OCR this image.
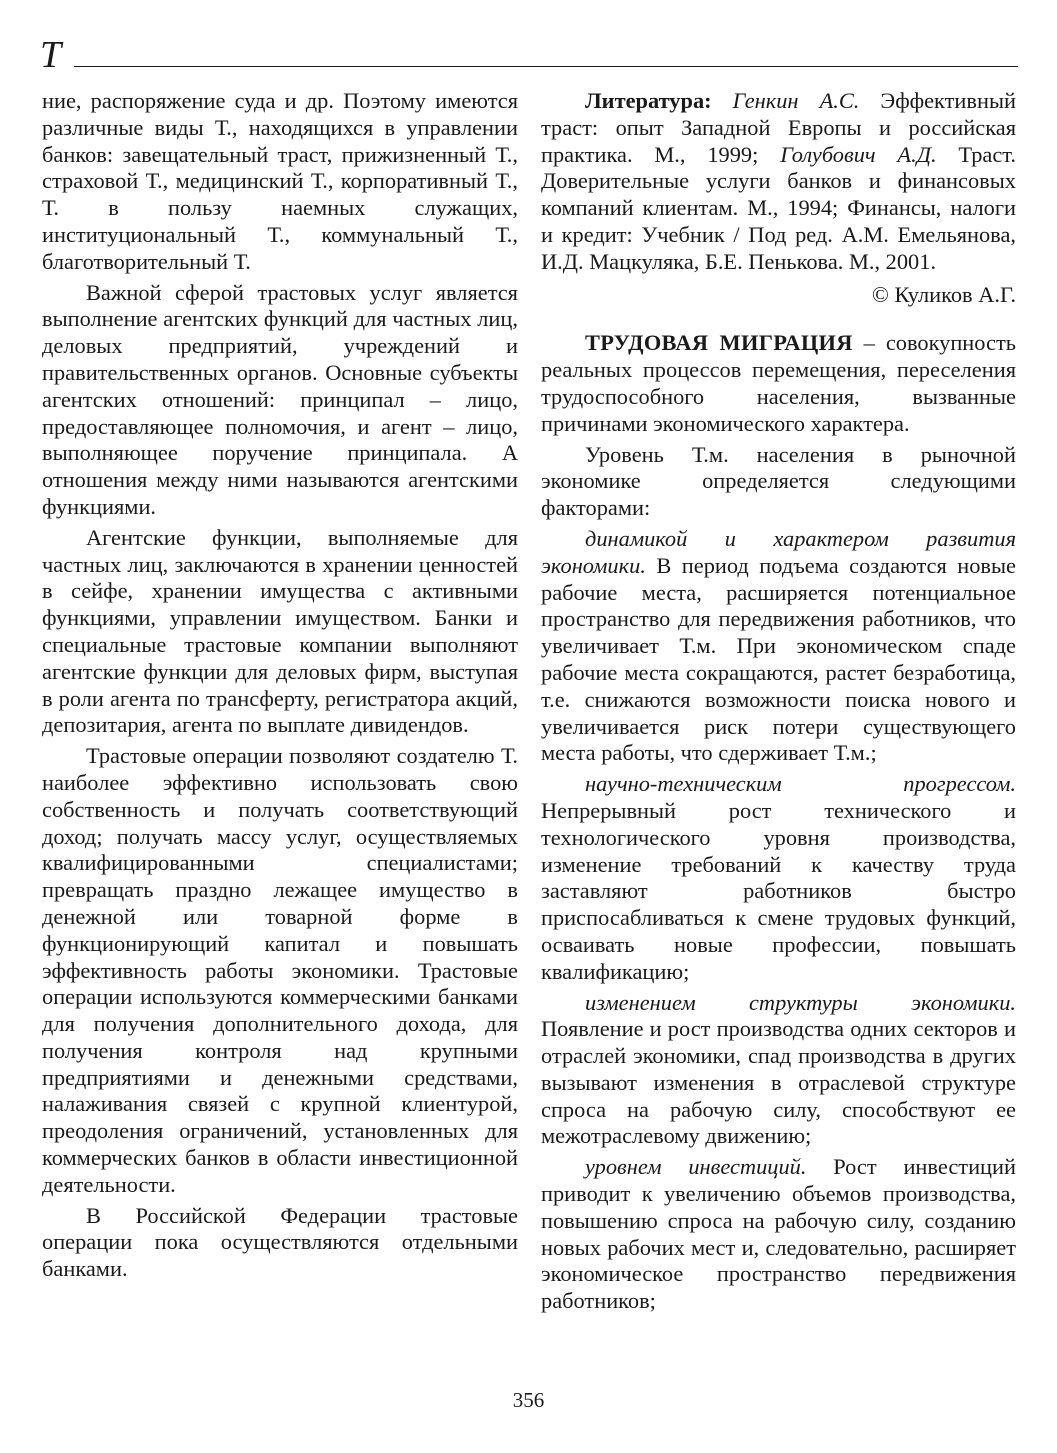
Т

ние, распоряжение суда и др. Поэтому имеются различные виды Т., находящихся в управлении банков: завещательный траст, прижизненный Т., страховой Т., медицинский Т., корпоративный Т., Т. в пользу наемных служащих, институциональный Т., коммунальный Т., благотворительный Т.

Важной сферой трастовых услуг является выполнение агентских функций для частных лиц, деловых предприятий, учреждений и правительственных органов. Основные субъекты агентских отношений: принципал – лицо, предоставляющее полномочия, и агент – лицо, выполняющее поручение принципала. А отношения между ними называются агентскими функциями.

Агентские функции, выполняемые для частных лиц, заключаются в хранении ценностей в сейфе, хранении имущества с активными функциями, управлении имуществом. Банки и специальные трастовые компании выполняют агентские функции для деловых фирм, выступая в роли агента по трансферту, регистратора акций, депозитария, агента по выплате дивидендов.

Трастовые операции позволяют создателю Т. наиболее эффективно использовать свою собственность и получать соответствующий доход; получать массу услуг, осуществляемых квалифицированными специалистами; превращать праздно лежащее имущество в денежной или товарной форме в функционирующий капитал и повышать эффективность работы экономики. Трастовые операции используются коммерческими банками для получения дополнительного дохода, для получения контроля над крупными предприятиями и денежными средствами, налаживания связей с крупной клиентурой, преодоления ограничений, установленных для коммерческих банков в области инвестиционной деятельности.

В Российской Федерации трастовые операции пока осуществляются отдельными банками.

Литература: Генкин А.С. Эффективный траст: опыт Западной Европы и российская практика. М., 1999; Голубович А.Д. Траст. Доверительные услуги банков и финансовых компаний клиентам. М., 1994; Финансы, налоги и кредит: Учебник / Под ред. А.М. Емельянова, И.Д. Мацкуляка, Б.Е. Пенькова. М., 2001.

© Куликов А.Г.

ТРУДОВАЯ МИГРАЦИЯ – совокупность реальных процессов перемещения, переселения трудоспособного населения, вызванные причинами экономического характера.

Уровень Т.м. населения в рыночной экономике определяется следующими факторами:

динамикой и характером развития экономики. В период подъема создаются новые рабочие места, расширяется потенциальное пространство для передвижения работников, что увеличивает Т.м. При экономическом спаде рабочие места сокращаются, растет безработица, т.е. снижаются возможности поиска нового и увеличивается риск потери существующего места работы, что сдерживает Т.м.;

научно-техническим прогрессом. Непрерывный рост технического и технологического уровня производства, изменение требований к качеству труда заставляют работников быстро приспосабливаться к смене трудовых функций, осваивать новые профессии, повышать квалификацию;

изменением структуры экономики. Появление и рост производства одних секторов и отраслей экономики, спад производства в других вызывают изменения в отраслевой структуре спроса на рабочую силу, способствуют ее межотраслевому движению;

уровнем инвестиций. Рост инвестиций приводит к увеличению объемов производства, повышению спроса на рабочую силу, созданию новых рабочих мест и, следовательно, расширяет экономическое пространство передвижения работников;

356
